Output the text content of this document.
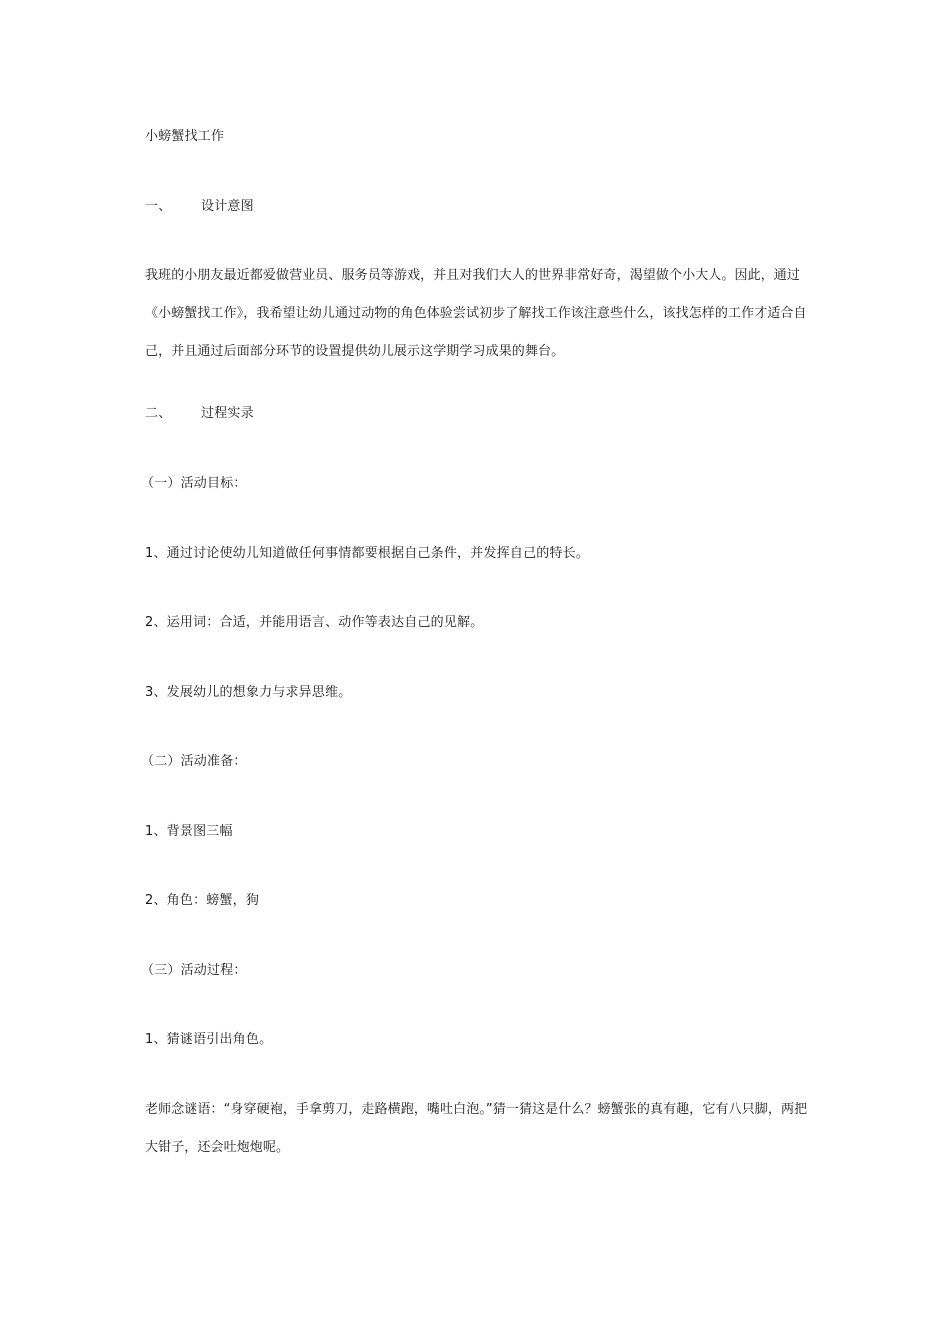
小螃蟹找工作
一、 设计意图
我班的小朋友最近都爱做营业员、服务员等游戏，并且对我们大人的世界非常好奇，渴望做个小大人。因此，通过《小螃蟹找工作》，我希望让幼儿通过动物的角色体验尝试初步了解找工作该注意些什么，该找怎样的工作才适合自己，并且通过后面部分环节的设置提供幼儿展示这学期学习成果的舞台。
二、 过程实录
（一）活动目标：
1、通过讨论使幼儿知道做任何事情都要根据自己条件，并发挥自己的特长。
2、运用词：合适，并能用语言、动作等表达自己的见解。
3、发展幼儿的想象力与求异思维。
（二）活动准备：
1、背景图三幅
2、角色：螃蟹，狗
（三）活动过程：
1、猜谜语引出角色。
老师念谜语：“身穿硬袍，手拿剪刀，走路横跑，嘴吐白泡。”猜一猜这是什么？螃蟹张的真有趣，它有八只脚，两把大钳子，还会吐炮炮呢。
